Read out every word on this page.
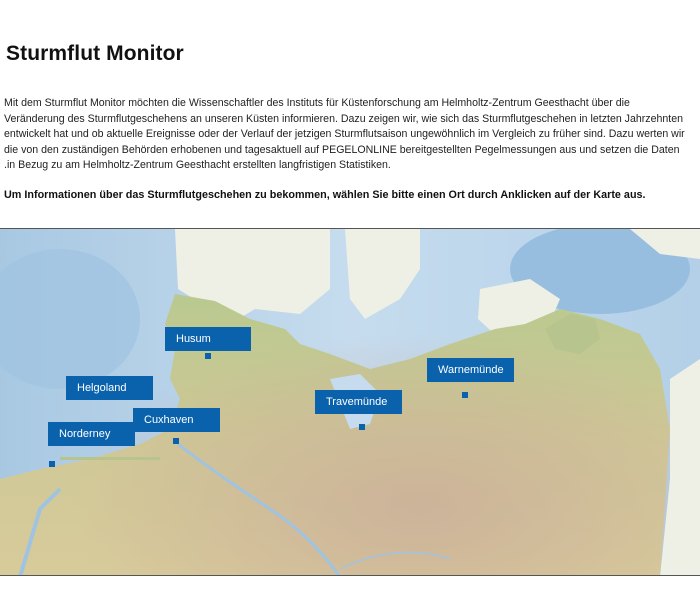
Sturmflut Monitor

Mit dem Sturmflut Monitor möchten die Wissenschaftler des Instituts für Küstenforschung am Helmholtz-Zentrum Geesthacht über die
Veränderung des Sturmflutgeschehens an unseren Küsten informieren. Dazu zeigen wir, wie sich das Sturmflutgeschehen in letzten Jahrzehnten
entwickelt hat und ob aktuelle Ereignisse oder der Verlauf der jetzigen Sturmflutsaison ungewöhnlich im Vergleich zu früher sind. Dazu werten wir
die von den zuständigen Behörden erhobenen und tagesaktuell auf PEGELONLINE bereitgestellten Pegelmessungen aus und setzen die Daten
.in Bezug zu am Helmholtz-Zentrum Geesthacht erstellten langfristigen Statistiken.

Um Informationen über das Sturmflutgeschehen zu bekommen, wählen Sie bitte einen Ort durch Anklicken auf der Karte aus.

Husum
Helgoland
Cuxhaven
Norderney
Travemünde
Warnemünde
